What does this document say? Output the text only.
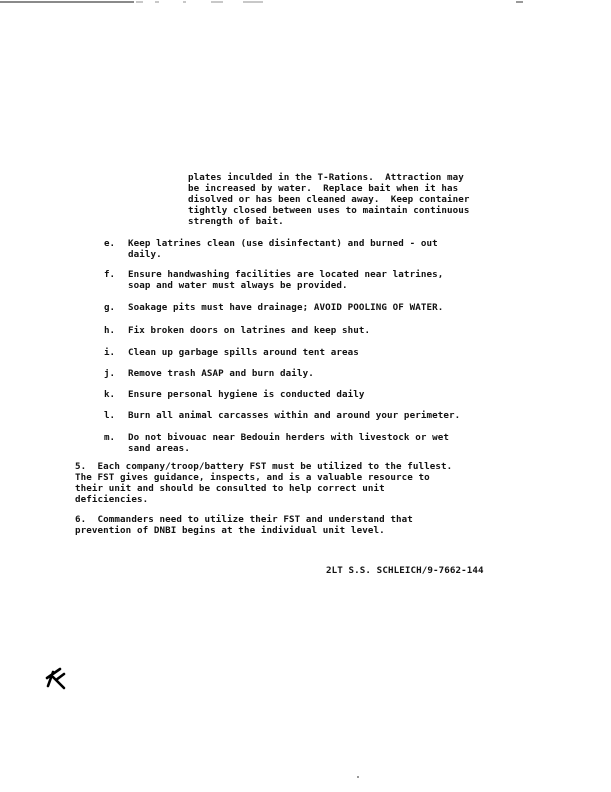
plates inculded in the T-Rations.  Attraction may
be increased by water.  Replace bait when it has
disolved or has been cleaned away.  Keep container
tightly closed between uses to maintain continuous
strength of bait.
e. Keep latrines clean (use disinfectant) and burned - out
daily.
f. Ensure handwashing facilities are located near latrines,
soap and water must always be provided.
g. Soakage pits must have drainage; AVOID POOLING OF WATER.
h. Fix broken doors on latrines and keep shut.
i. Clean up garbage spills around tent areas
j. Remove trash ASAP and burn daily.
k. Ensure personal hygiene is conducted daily
l. Burn all animal carcasses within and around your perimeter.
m. Do not bivouac near Bedouin herders with livestock or wet
sand areas.
5.  Each company/troop/battery FST must be utilized to the fullest.
The FST gives guidance, inspects, and is a valuable resource to
their unit and should be consulted to help correct unit
deficiencies.
6.  Commanders need to utilize their FST and understand that
prevention of DNBI begins at the individual unit level.
2LT S.S. SCHLEICH/9-7662-144
